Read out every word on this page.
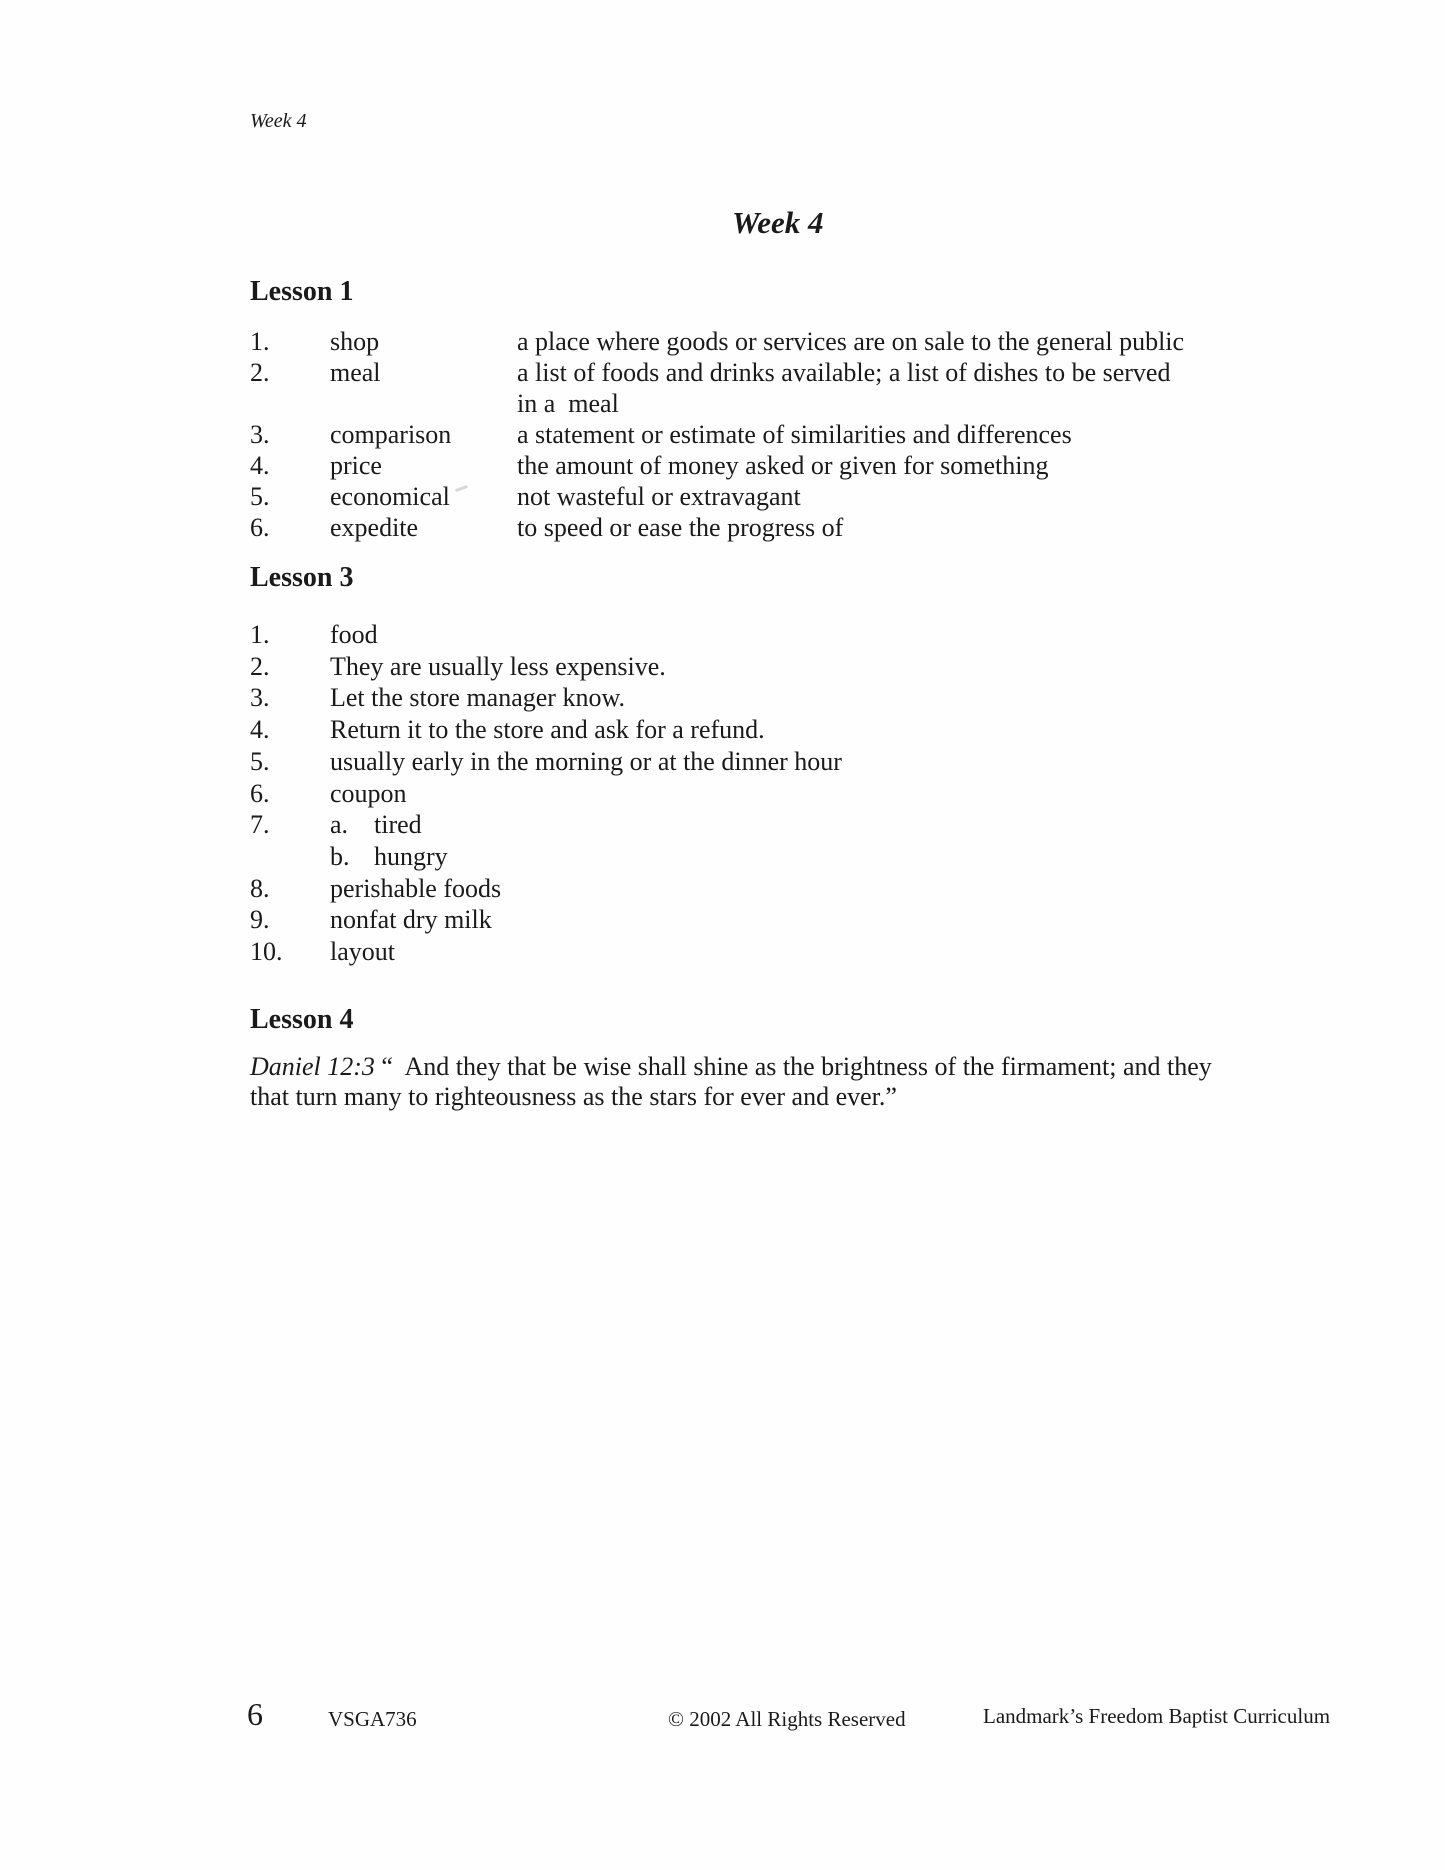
Week 4
Week 4
Lesson 1
1.	shop	a place where goods or services are on sale to the general public
2.	meal	a list of foods and drinks available; a list of dishes to be served
in a  meal
3.	comparison	a statement or estimate of similarities and differences
4.	price	the amount of money asked or given for something
5.	economical	not wasteful or extravagant
6.	expedite	to speed or ease the progress of
Lesson 3
1.	food
2.	They are usually less expensive.
3.	Let the store manager know.
4.	Return it to the store and ask for a refund.
5.	usually early in the morning or at the dinner hour
6.	coupon
7.	a. tired
b. hungry
8.	perishable foods
9.	nonfat dry milk
10.	layout
Lesson 4
Daniel 12:3 “  And they that be wise shall shine as the brightness of the firmament; and they
that turn many to righteousness as the stars for ever and ever.”
6	VSGA736	© 2002 All Rights Reserved	Landmark’s Freedom Baptist Curriculum
